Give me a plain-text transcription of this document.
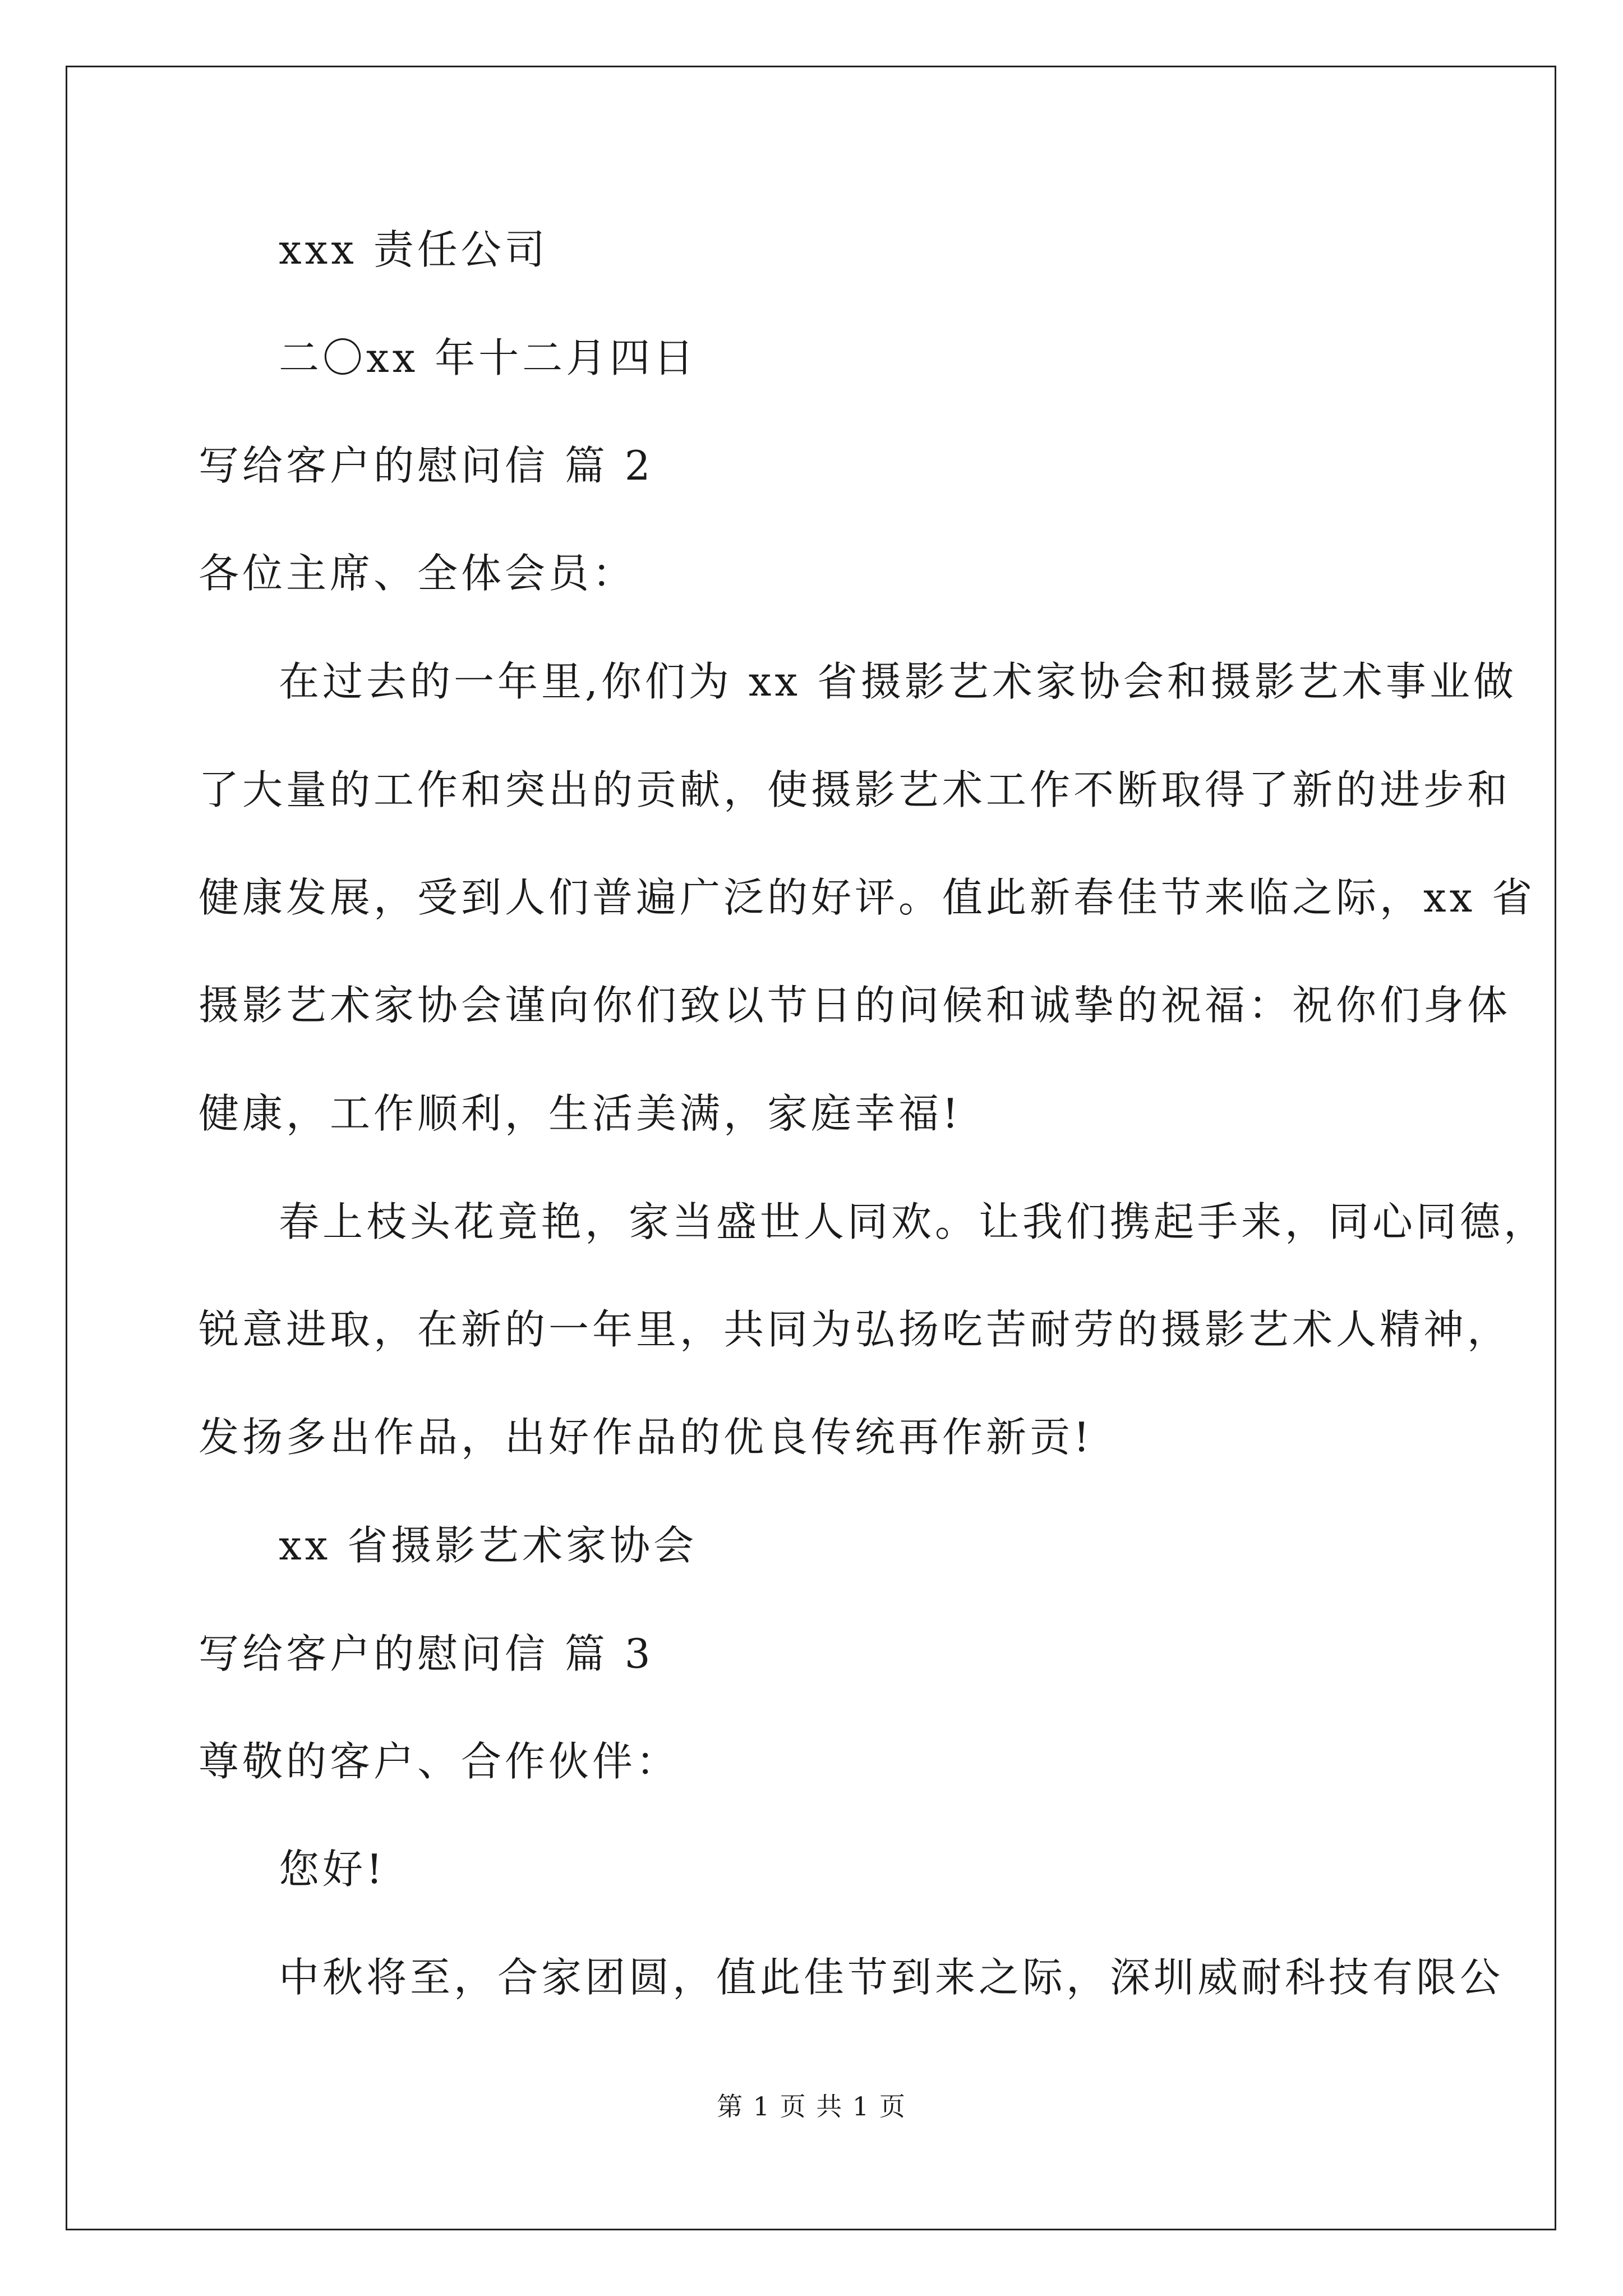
xxx 责任公司
二〇xx 年十二月四日
写给客户的慰问信 篇 2
各位主席、全体会员：
在过去的一年里,你们为 xx 省摄影艺术家协会和摄影艺术事业做
了大量的工作和突出的贡献，使摄影艺术工作不断取得了新的进步和
健康发展，受到人们普遍广泛的好评。值此新春佳节来临之际，xx 省
摄影艺术家协会谨向你们致以节日的问候和诚挚的祝福：祝你们身体
健康，工作顺利，生活美满，家庭幸福!
春上枝头花竟艳，家当盛世人同欢。让我们携起手来，同心同德，
锐意进取，在新的一年里，共同为弘扬吃苦耐劳的摄影艺术人精神，
发扬多出作品，出好作品的优良传统再作新贡!
xx 省摄影艺术家协会
写给客户的慰问信 篇 3
尊敬的客户、合作伙伴：
您好!
中秋将至，合家团圆，值此佳节到来之际，深圳威耐科技有限公
第 1 页 共 1 页
